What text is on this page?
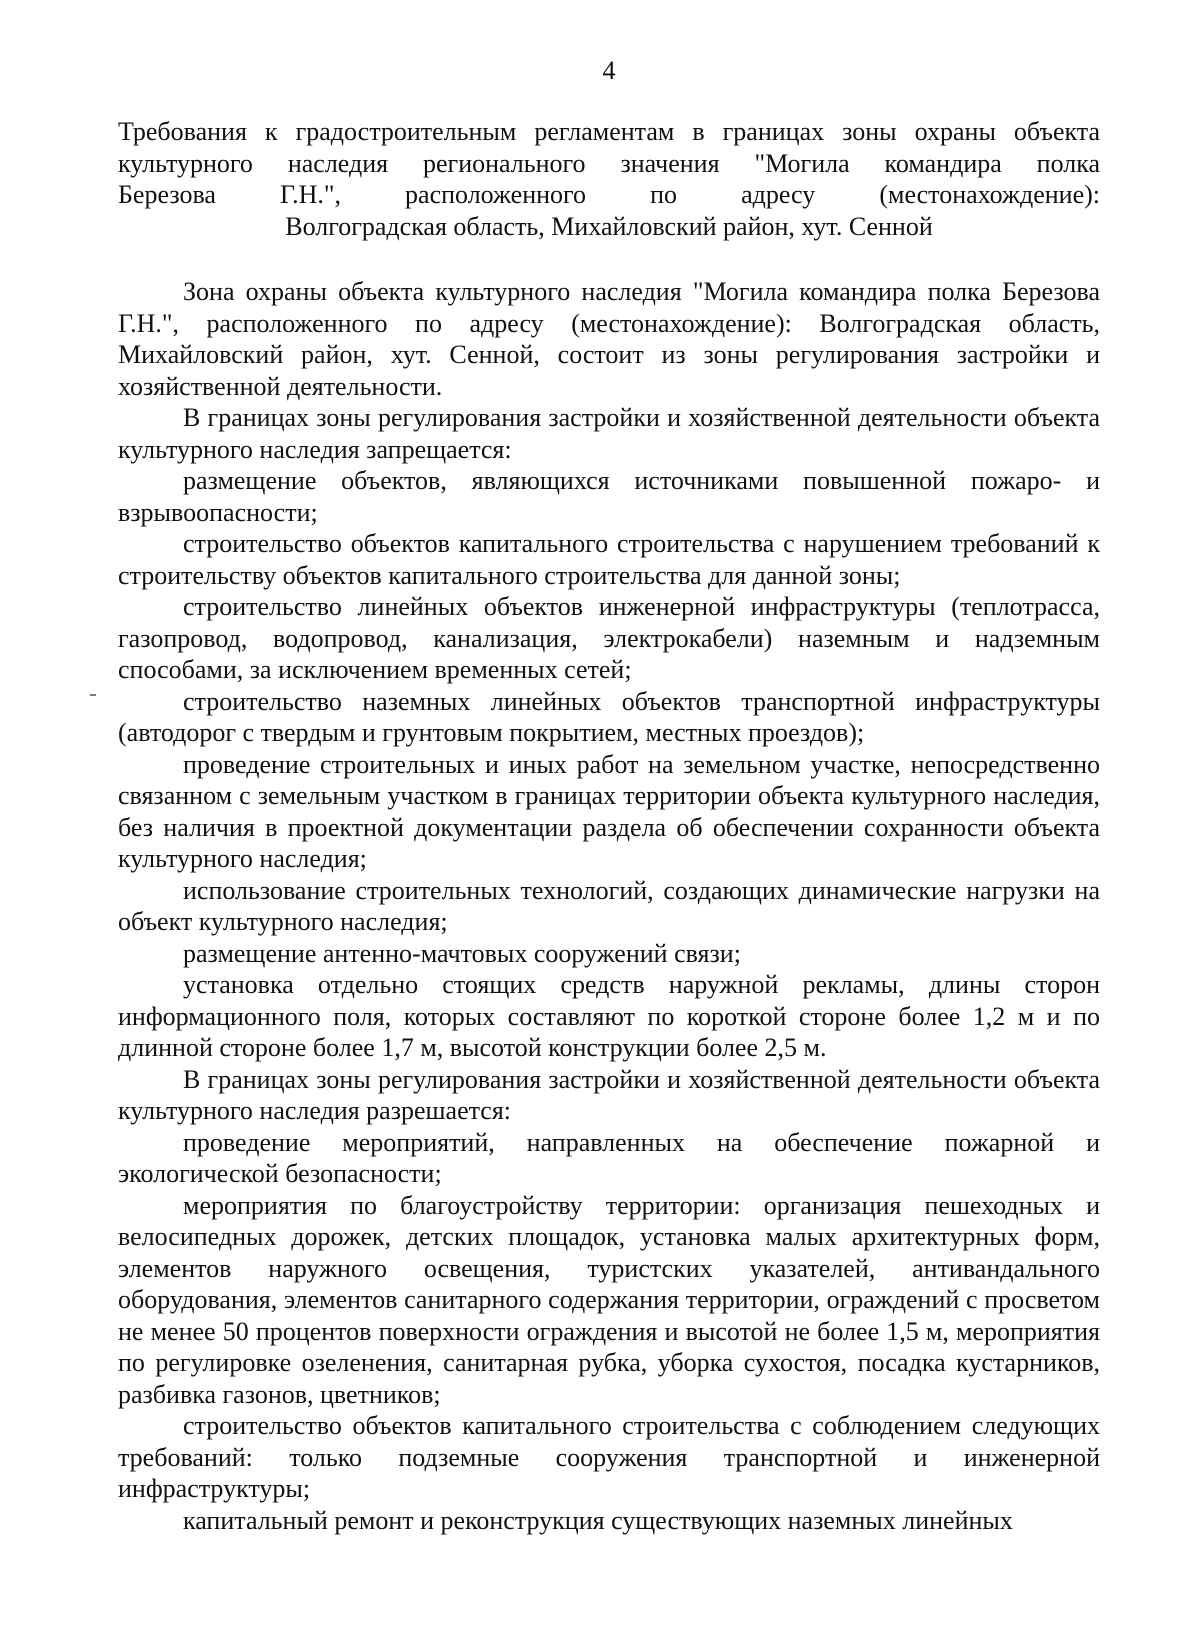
4

Требования к градостроительным регламентам в границах зоны охраны объекта

культурного наследия регионального значения "Могила командира полка

Березова Г.Н.", расположенного по адресу (местонахождение):

Волгоградская область, Михайловский район, хут. Сенной

Зона охраны объекта культурного наследия "Могила командира полка Березова Г.Н.", расположенного по адресу (местонахождение): Волгоградская область, Михайловский район, хут. Сенной, состоит из зоны регулирования застройки и хозяйственной деятельности.

В границах зоны регулирования застройки и хозяйственной деятельности объекта культурного наследия запрещается:

размещение объектов, являющихся источниками повышенной пожаро- и взрывоопасности;

строительство объектов капитального строительства с нарушением требований к строительству объектов капитального строительства для данной зоны;

строительство линейных объектов инженерной инфраструктуры (теплотрасса, газопровод, водопровод, канализация, электрокабели) наземным и надземным способами, за исключением временных сетей;

строительство наземных линейных объектов транспортной инфраструктуры (автодорог с твердым и грунтовым покрытием, местных проездов);

проведение строительных и иных работ на земельном участке, непосредственно связанном с земельным участком в границах территории объекта культурного наследия, без наличия в проектной документации раздела об обеспечении сохранности объекта культурного наследия;

использование строительных технологий, создающих динамические нагрузки на объект культурного наследия;

размещение антенно-мачтовых сооружений связи;

установка отдельно стоящих средств наружной рекламы, длины сторон информационного поля, которых составляют по короткой стороне более 1,2 м и по длинной стороне более 1,7 м, высотой конструкции более 2,5 м.

В границах зоны регулирования застройки и хозяйственной деятельности объекта культурного наследия разрешается:

проведение мероприятий, направленных на обеспечение пожарной и экологической безопасности;

мероприятия по благоустройству территории: организация пешеходных и велосипедных дорожек, детских площадок, установка малых архитектурных форм, элементов наружного освещения, туристских указателей, антивандального оборудования, элементов санитарного содержания территории, ограждений с просветом не менее 50 процентов поверхности ограждения и высотой не более 1,5 м, мероприятия по регулировке озеленения, санитарная рубка, уборка сухостоя, посадка кустарников, разбивка газонов, цветников;

строительство объектов капитального строительства с соблюдением следующих требований: только подземные сооружения транспортной и инженерной инфраструктуры;

капитальный ремонт и реконструкция существующих наземных линейных
